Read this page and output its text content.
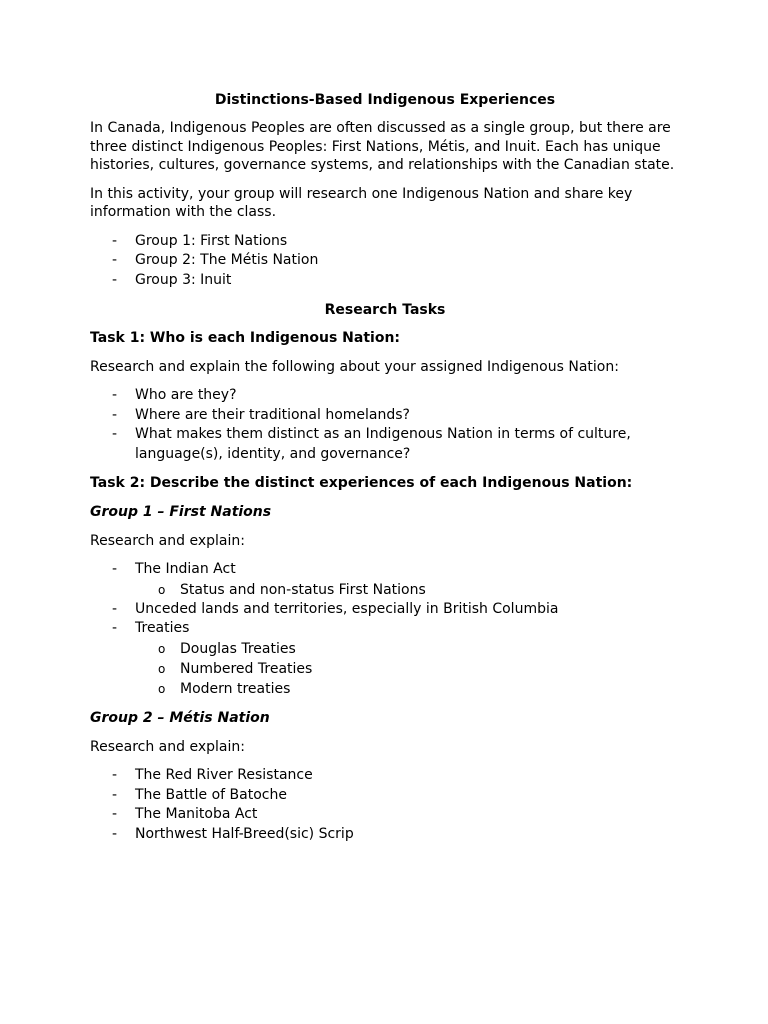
Distinctions-Based Indigenous Experiences

In Canada, Indigenous Peoples are often discussed as a single group, but there are three distinct Indigenous Peoples: First Nations, Métis, and Inuit. Each has unique histories, cultures, governance systems, and relationships with the Canadian state.

In this activity, your group will research one Indigenous Nation and share key information with the class.

- Group 1: First Nations
- Group 2: The Métis Nation
- Group 3: Inuit
Research Tasks
Task 1: Who is each Indigenous Nation:

Research and explain the following about your assigned Indigenous Nation:

- Who are they?
- Where are their traditional homelands?
- What makes them distinct as an Indigenous Nation in terms of culture, language(s), identity, and governance?
Task 2: Describe the distinct experiences of each Indigenous Nation:
Group 1 – First Nations

Research and explain:

- The Indian Act
o Status and non-status First Nations
- Unceded lands and territories, especially in British Columbia
- Treaties
o Douglas Treaties
o Numbered Treaties
o Modern treaties
Group 2 – Métis Nation

Research and explain:

- The Red River Resistance
- The Battle of Batoche
- The Manitoba Act
- Northwest Half-Breed(sic) Scrip
